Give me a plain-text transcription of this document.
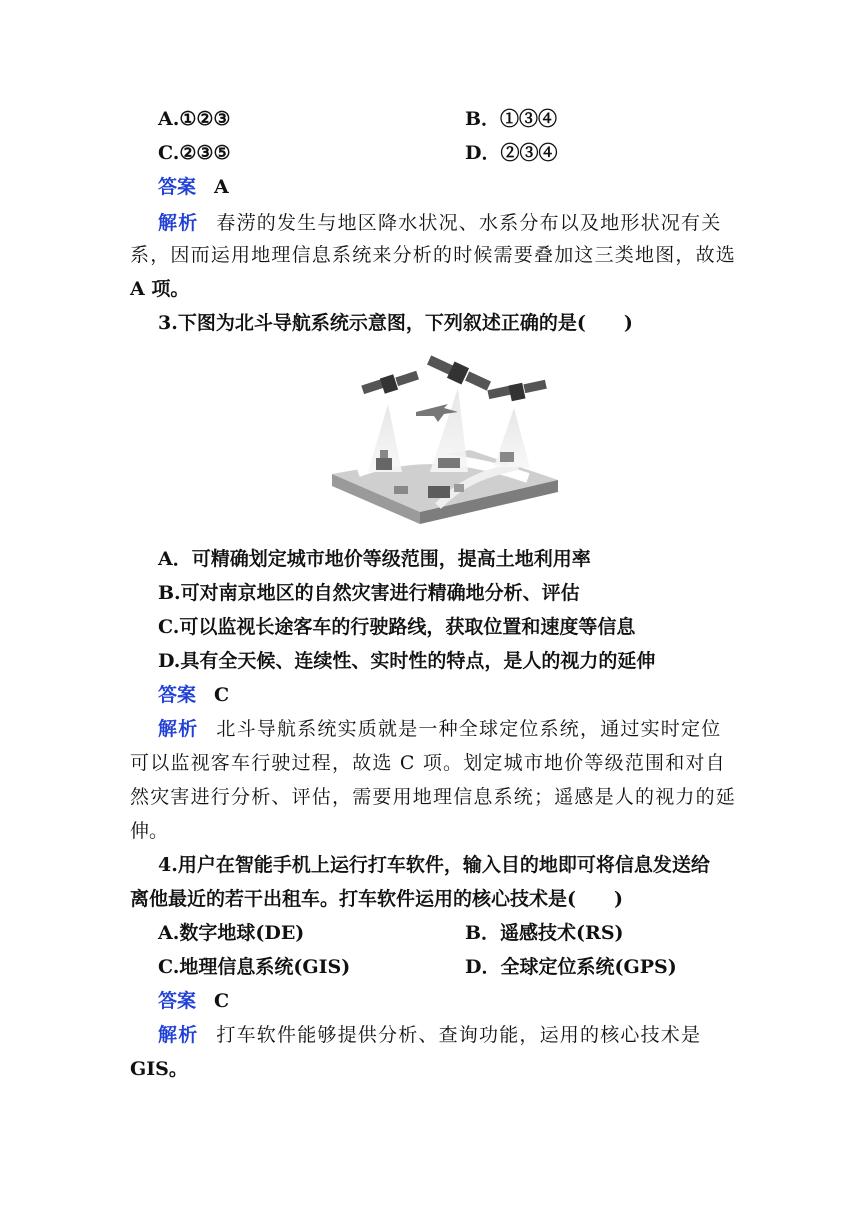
A.①②③	B．①③④
C.②③⑤	D．②③④
答案 A
解析 春涝的发生与地区降水状况、水系分布以及地形状况有关
系，因而运用地理信息系统来分析的时候需要叠加这三类地图，故选
A 项。
3.下图为北斗导航系统示意图，下列叙述正确的是(　　)
A．可精确划定城市地价等级范围，提高土地利用率
B.可对南京地区的自然灾害进行精确地分析、评估
C.可以监视长途客车的行驶路线，获取位置和速度等信息
D.具有全天候、连续性、实时性的特点，是人的视力的延伸
答案 C
解析 北斗导航系统实质就是一种全球定位系统，通过实时定位
可以监视客车行驶过程，故选 C 项。划定城市地价等级范围和对自
然灾害进行分析、评估，需要用地理信息系统；遥感是人的视力的延
伸。
4.用户在智能手机上运行打车软件，输入目的地即可将信息发送给
离他最近的若干出租车。打车软件运用的核心技术是(　　)
A.数字地球(DE)	B．遥感技术(RS)
C.地理信息系统(GIS)	D．全球定位系统(GPS)
答案 C
解析 打车软件能够提供分析、查询功能，运用的核心技术是
GIS。
